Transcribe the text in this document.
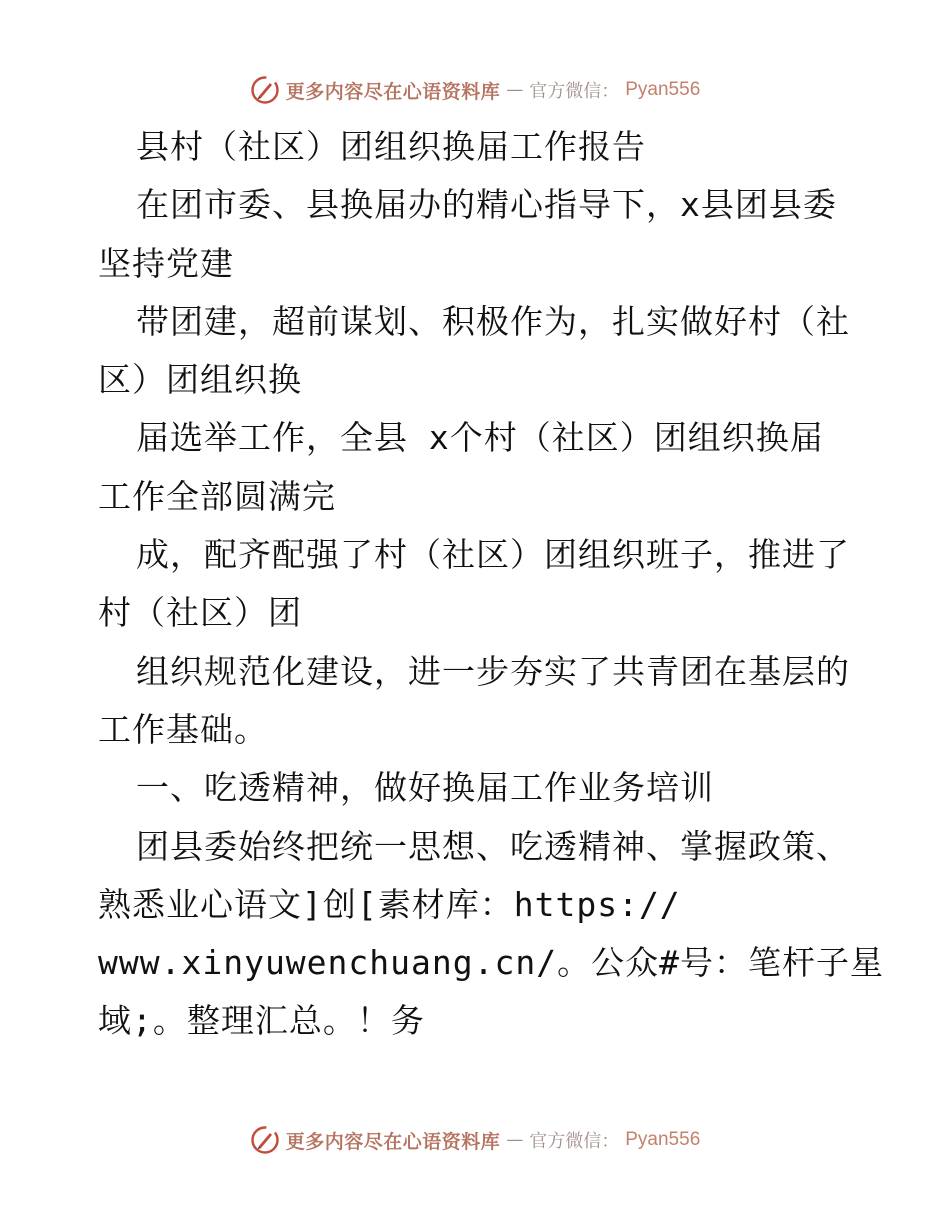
更多内容尽在心语资料库 — 官方微信： Pyan556
县村（社区）团组织换届工作报告
在团市委、县换届办的精心指导下，x县团县委
坚持党建
带团建，超前谋划、积极作为，扎实做好村（社
区）团组织换
届选举工作，全县 x个村（社区）团组织换届
工作全部圆满完
成，配齐配强了村（社区）团组织班子，推进了
村（社区）团
组织规范化建设，进一步夯实了共青团在基层的
工作基础。
一、吃透精神，做好换届工作业务培训
团县委始终把统一思想、吃透精神、掌握政策、
熟悉业心语文]创[素材库：https://
www.xinyuwenchuang.cn/。公众#号：笔杆子星
域;。整理汇总。！务
更多内容尽在心语资料库 — 官方微信： Pyan556
